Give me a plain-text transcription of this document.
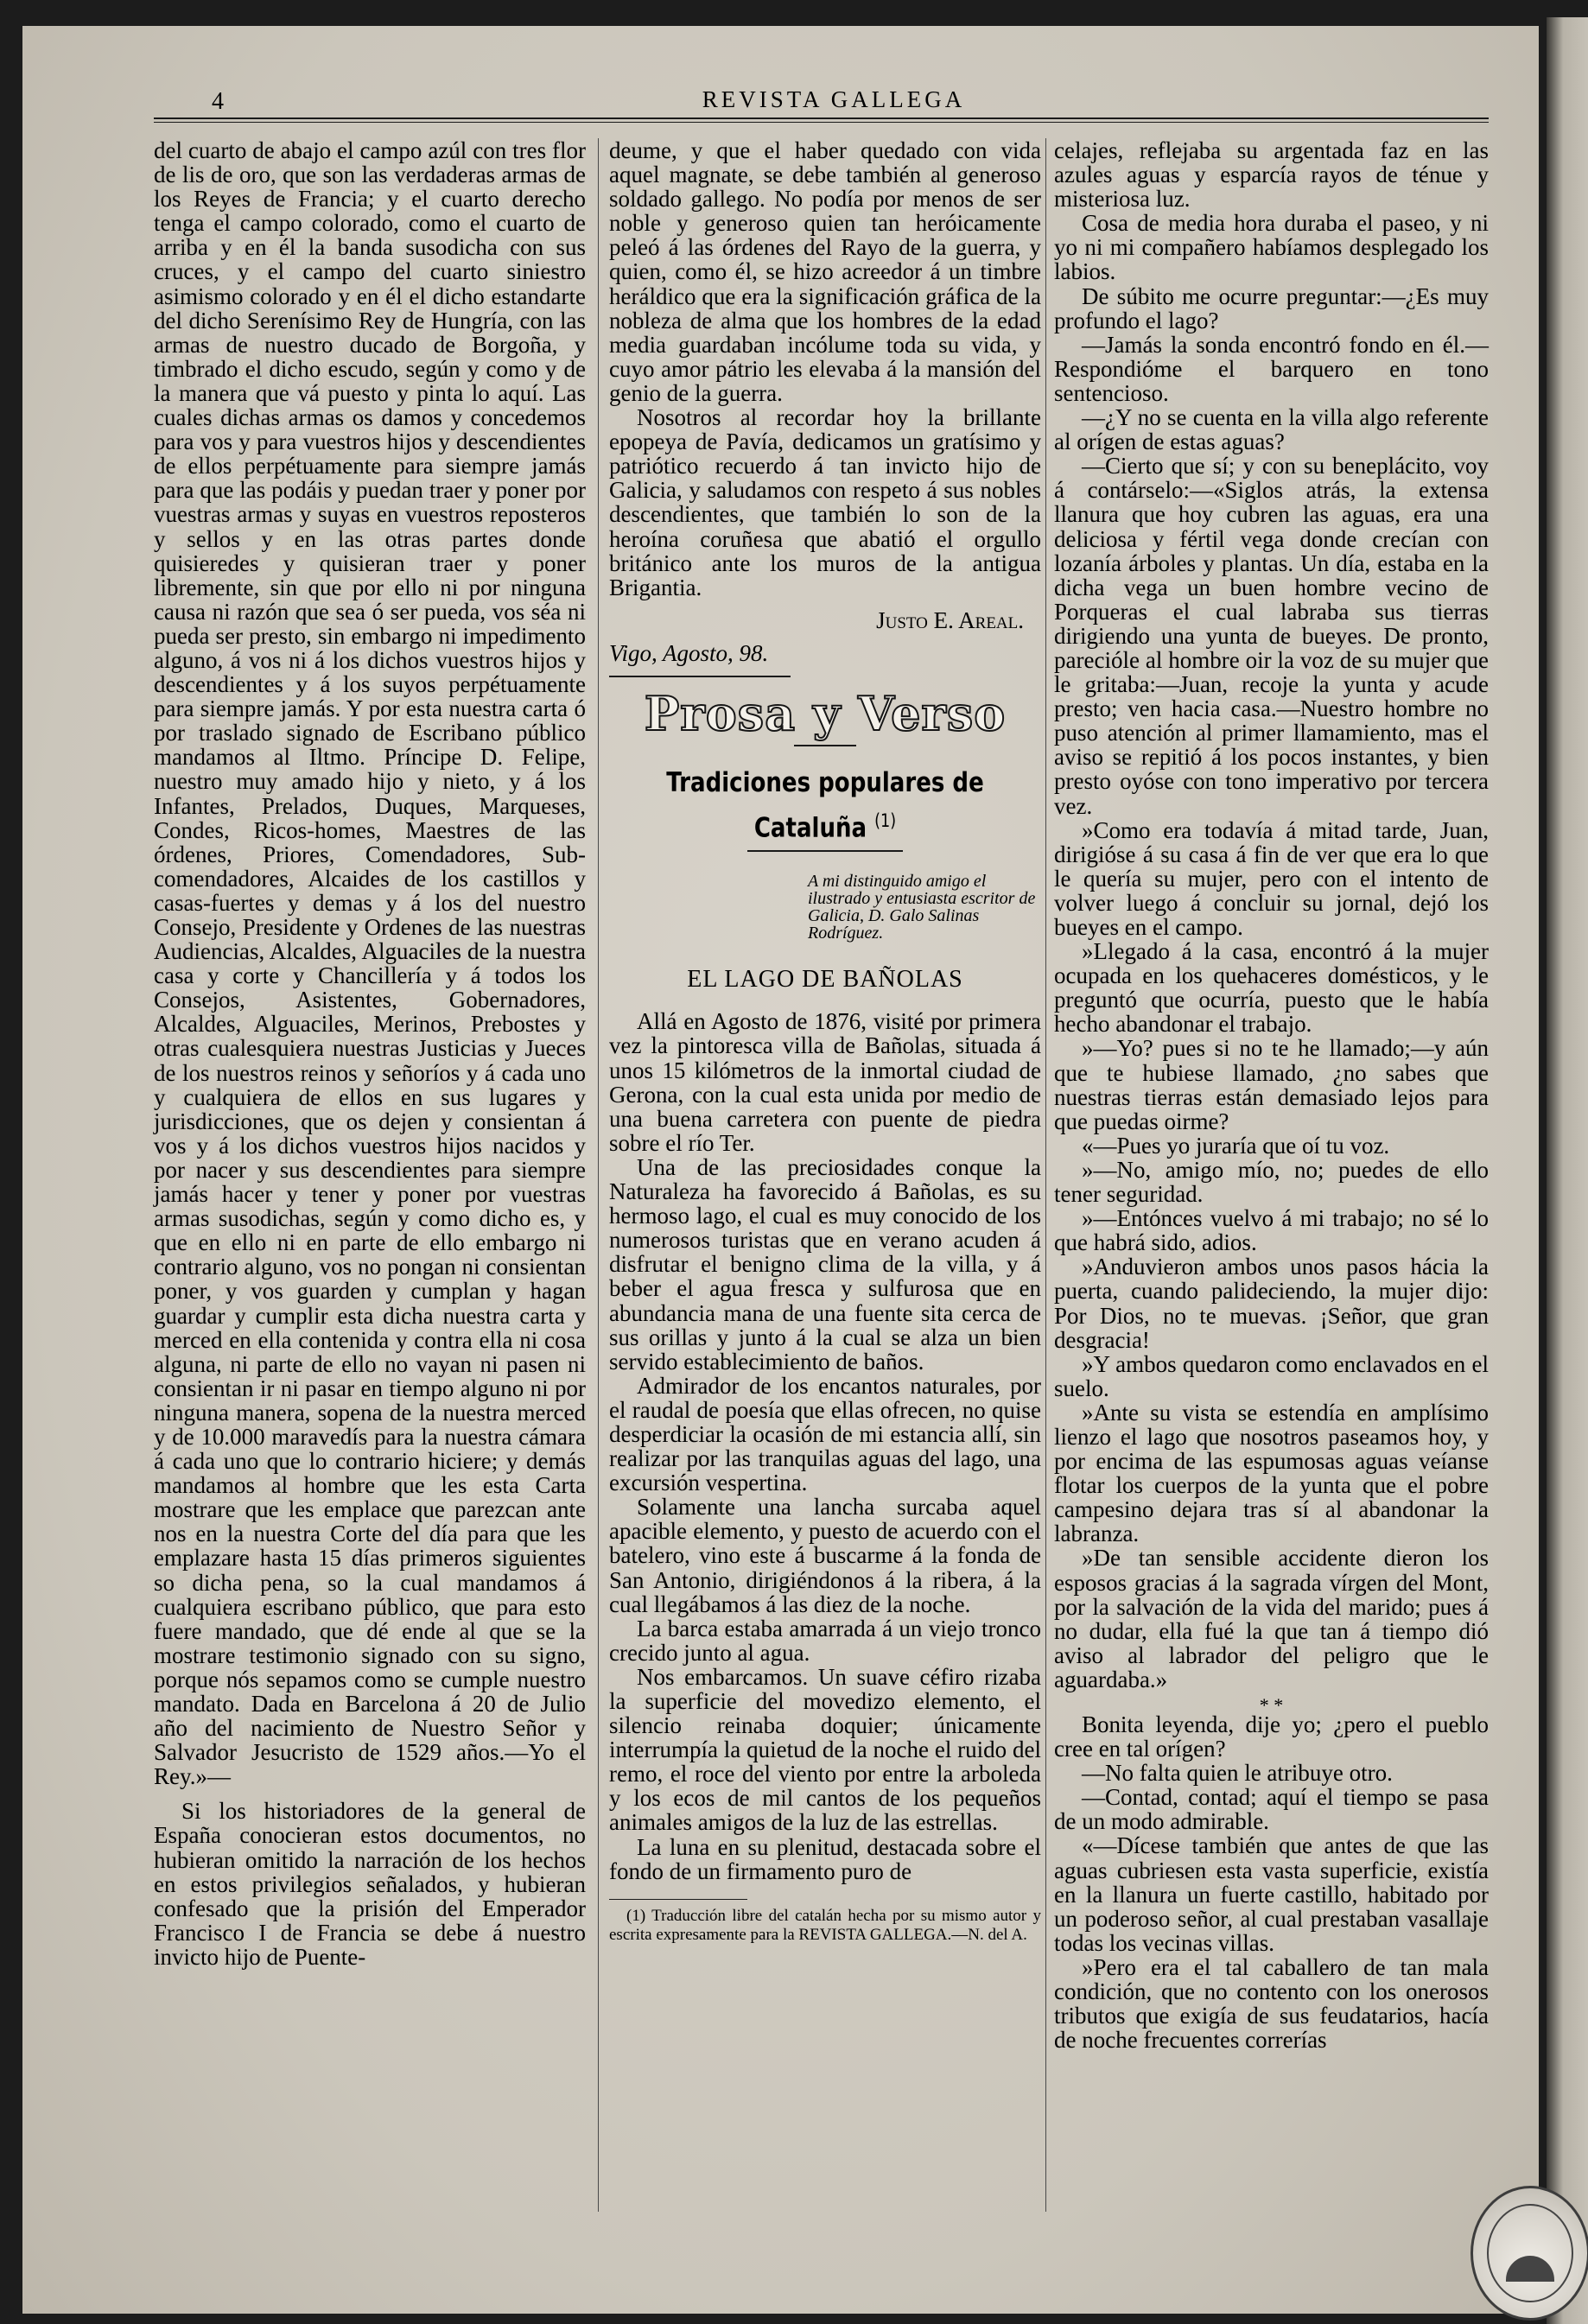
4	REVISTA GALLEGA

del cuarto de abajo el campo azúl con tres flor de lis de oro, que son las verdaderas armas de los Reyes de Francia; y el cuarto derecho tenga el campo colorado, como el cuarto de arriba y en él la banda susodicha con sus cruces, y el campo del cuarto siniestro asimismo colorado y en él el dicho estandarte del dicho Serenísimo Rey de Hungría, con las armas de nuestro ducado de Borgoña, y timbrado el dicho escudo, según y como y de la manera que vá puesto y pinta lo aquí. Las cuales dichas armas os damos y concedemos para vos y para vuestros hijos y descendientes de ellos perpétuamente para siempre jamás para que las podáis y puedan traer y poner por vuestras armas y suyas en vuestros reposteros y sellos y en las otras partes donde quisieredes y quisieran traer y poner libremente, sin que por ello ni por ninguna causa ni razón que sea ó ser pueda, vos séa ni pueda ser presto, sin embargo ni impedimento alguno, á vos ni á los dichos vuestros hijos y descendientes y á los suyos perpétuamente para siempre jamás. Y por esta nuestra carta ó por traslado signado de Escribano público mandamos al Iltmo. Príncipe D. Felipe, nuestro muy amado hijo y nieto, y á los Infantes, Prelados, Duques, Marqueses, Condes, Ricos-homes, Maestres de las órdenes, Priores, Comendadores, Sub-comendadores, Alcaides de los castillos y casas-fuertes y demas y á los del nuestro Consejo, Presidente y Ordenes de las nuestras Audiencias, Alcaldes, Alguaciles de la nuestra casa y corte y Chancillería y á todos los Consejos, Asistentes, Gobernadores, Alcaldes, Alguaciles, Merinos, Prebostes y otras cualesquiera nuestras Justicias y Jueces de los nuestros reinos y señoríos y á cada uno y cualquiera de ellos en sus lugares y jurisdicciones, que os dejen y consientan á vos y á los dichos vuestros hijos nacidos y por nacer y sus descendientes para siempre jamás hacer y tener y poner por vuestras armas susodichas, según y como dicho es, y que en ello ni en parte de ello embargo ni contrario alguno, vos no pongan ni consientan poner, y vos guarden y cumplan y hagan guardar y cumplir esta dicha nuestra carta y merced en ella contenida y contra ella ni cosa alguna, ni parte de ello no vayan ni pasen ni consientan ir ni pasar en tiempo alguno ni por ninguna manera, sopena de la nuestra merced y de 10.000 maravedís para la nuestra cámara á cada uno que lo contrario hiciere; y demás mandamos al hombre que les esta Carta mostrare que les emplace que parezcan ante nos en la nuestra Corte del día para que les emplazare hasta 15 días primeros siguientes so dicha pena, so la cual mandamos á cualquiera escribano público, que para esto fuere mandado, que dé ende al que se la mostrare testimonio signado con su signo, porque nós sepamos como se cumple nuestro mandato. Dada en Barcelona á 20 de Julio año del nacimiento de Nuestro Señor y Salvador Jesucristo de 1529 años.—Yo el Rey.»—

Si los historiadores de la general de España conocieran estos documentos, no hubieran omitido la narración de los hechos en estos privilegios señalados, y hubieran confesado que la prisión del Emperador Francisco I de Francia se debe á nuestro invicto hijo de Puente-

deume, y que el haber quedado con vida aquel magnate, se debe también al generoso soldado gallego. No podía por menos de ser noble y generoso quien tan heróicamente peleó á las órdenes del Rayo de la guerra, y quien, como él, se hizo acreedor á un timbre heráldico que era la significación gráfica de la nobleza de alma que los hombres de la edad media guardaban incólume toda su vida, y cuyo amor pátrio les elevaba á la mansión del genio de la guerra.

Nosotros al recordar hoy la brillante epopeya de Pavía, dedicamos un gratísimo y patriótico recuerdo á tan invicto hijo de Galicia, y saludamos con respeto á sus nobles descendientes, que también lo son de la heroína coruñesa que abatió el orgullo británico ante los muros de la antigua Brigantia.

Justo E. Areal.
Vigo, Agosto, 98.
Prosa y Verso
Tradiciones populares de Cataluña $^{(1)}$
A mi distinguido amigo el ilustrado y entusiasta escritor de Galicia, D. Galo Salinas Rodríguez.
EL LAGO DE BAÑOLAS

Allá en Agosto de 1876, visité por primera vez la pintoresca villa de Bañolas, situada á unos 15 kilómetros de la inmortal ciudad de Gerona, con la cual esta unida por medio de una buena carretera con puente de piedra sobre el río Ter.

Una de las preciosidades conque la Naturaleza ha favorecido á Bañolas, es su hermoso lago, el cual es muy conocido de los numerosos turistas que en verano acuden á disfrutar el benigno clima de la villa, y á beber el agua fresca y sulfurosa que en abundancia mana de una fuente sita cerca de sus orillas y junto á la cual se alza un bien servido establecimiento de baños.

Admirador de los encantos naturales, por el raudal de poesía que ellas ofrecen, no quise desperdiciar la ocasión de mi estancia allí, sin realizar por las tranquilas aguas del lago, una excursión vespertina.

Solamente una lancha surcaba aquel apacible elemento, y puesto de acuerdo con el batelero, vino este á buscarme á la fonda de San Antonio, dirigiéndonos á la ribera, á la cual llegábamos á las diez de la noche.

La barca estaba amarrada á un viejo tronco crecido junto al agua.

Nos embarcamos. Un suave céfiro rizaba la superficie del movedizo elemento, el silencio reinaba doquier; únicamente interrumpía la quietud de la noche el ruido del remo, el roce del viento por entre la arboleda y los ecos de mil cantos de los pequeños animales amigos de la luz de las estrellas.

La luna en su plenitud, destacada sobre el fondo de un firmamento puro de

(1) Traducción libre del catalán hecha por su mismo autor y escrita expresamente para la REVISTA GALLEGA.—N. del A.

celajes, reflejaba su argentada faz en las azules aguas y esparcía rayos de ténue y misteriosa luz.

Cosa de media hora duraba el paseo, y ni yo ni mi compañero habíamos desplegado los labios.

De súbito me ocurre preguntar:—¿Es muy profundo el lago?

—Jamás la sonda encontró fondo en él.—Respondióme el barquero en tono sentencioso.

—¿Y no se cuenta en la villa algo referente al orígen de estas aguas?

—Cierto que sí; y con su beneplácito, voy á contárselo:—«Siglos atrás, la extensa llanura que hoy cubren las aguas, era una deliciosa y fértil vega donde crecían con lozanía árboles y plantas. Un día, estaba en la dicha vega un buen hombre vecino de Porqueras el cual labraba sus tierras dirigiendo una yunta de bueyes. De pronto, parecióle al hombre oir la voz de su mujer que le gritaba:—Juan, recoje la yunta y acude presto; ven hacia casa.—Nuestro hombre no puso atención al primer llamamiento, mas el aviso se repitió á los pocos instantes, y bien presto oyóse con tono imperativo por tercera vez.

»Como era todavía á mitad tarde, Juan, dirigióse á su casa á fin de ver que era lo que le quería su mujer, pero con el intento de volver luego á concluir su jornal, dejó los bueyes en el campo.

»Llegado á la casa, encontró á la mujer ocupada en los quehaceres domésticos, y le preguntó que ocurría, puesto que le había hecho abandonar el trabajo.

»—Yo? pues si no te he llamado;—y aún que te hubiese llamado, ¿no sabes que nuestras tierras están demasiado lejos para que puedas oirme?

«—Pues yo juraría que oí tu voz.

»—No, amigo mío, no; puedes de ello tener seguridad.

»—Entónces vuelvo á mi trabajo; no sé lo que habrá sido, adios.

»Anduvieron ambos unos pasos hácia la puerta, cuando palideciendo, la mujer dijo: Por Dios, no te muevas. ¡Señor, que gran desgracia!

»Y ambos quedaron como enclavados en el suelo.

»Ante su vista se estendía en amplísimo lienzo el lago que nosotros paseamos hoy, y por encima de las espumosas aguas veíanse flotar los cuerpos de la yunta que el pobre campesino dejara tras sí al abandonar la labranza.

»De tan sensible accidente dieron los esposos gracias á la sagrada vírgen del Mont, por la salvación de la vida del marido; pues á no dudar, ella fué la que tan á tiempo dió aviso al labrador del peligro que le aguardaba.»

* *

Bonita leyenda, dije yo; ¿pero el pueblo cree en tal orígen?

—No falta quien le atribuye otro.

—Contad, contad; aquí el tiempo se pasa de un modo admirable.

«—Dícese también que antes de que las aguas cubriesen esta vasta superficie, existía en la llanura un fuerte castillo, habitado por un poderoso señor, al cual prestaban vasallaje todas los vecinas villas.

»Pero era el tal caballero de tan mala condición, que no contento con los onerosos tributos que exigía de sus feudatarios, hacía de noche frecuentes correrías
